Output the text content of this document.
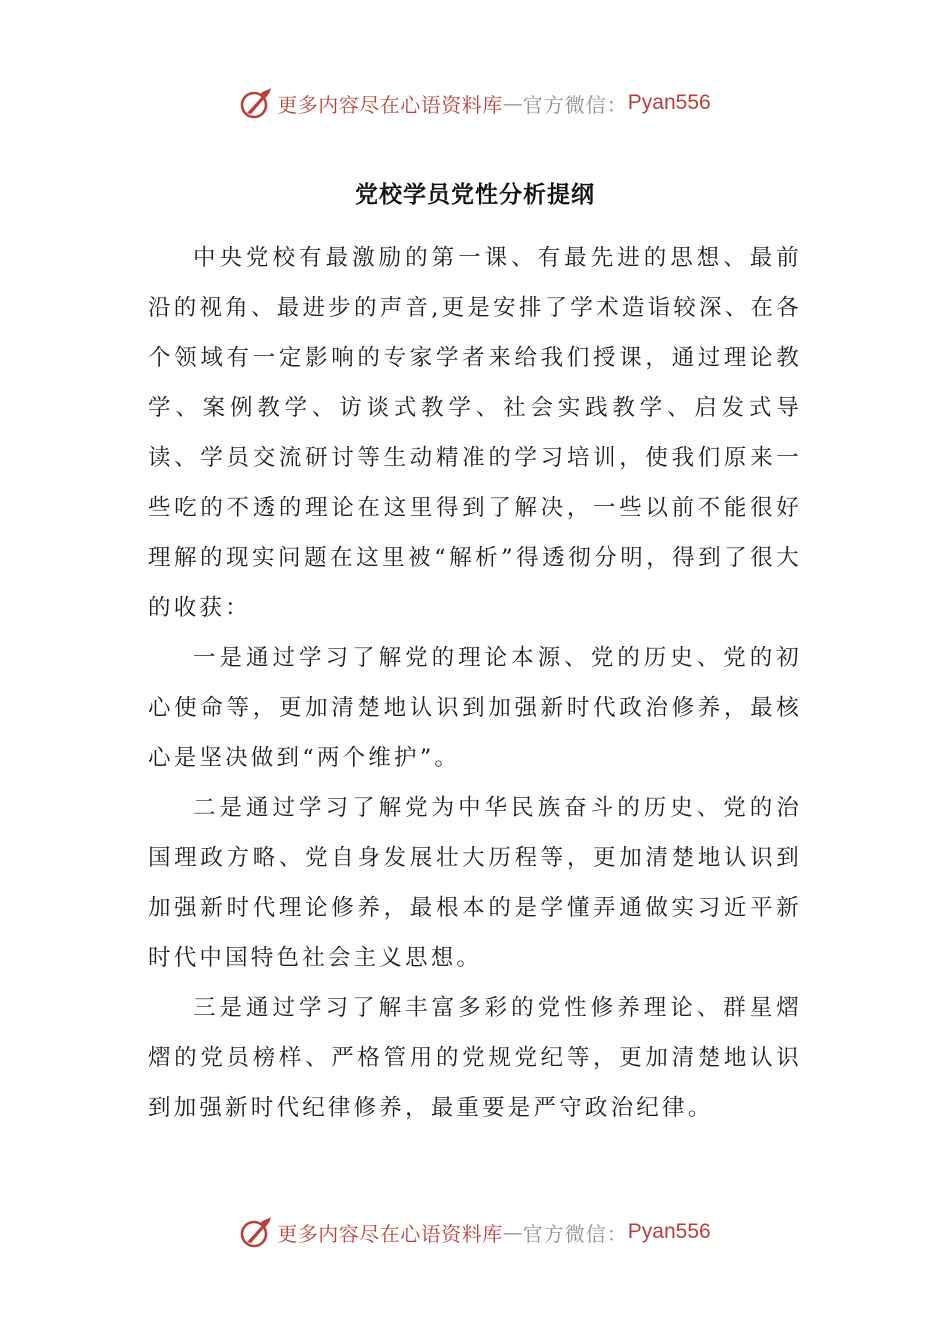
更多内容尽在心语资料库 — 官方微信： Pyan556
党校学员党性分析提纲

中央党校有最激励的第一课、有最先进的思想、最前沿的视角、最进步的声音,更是安排了学术造诣较深、在各个领域有一定影响的专家学者来给我们授课，通过理论教学、案例教学、访谈式教学、社会实践教学、启发式导读、学员交流研讨等生动精准的学习培训，使我们原来一些吃的不透的理论在这里得到了解决，一些以前不能很好理解的现实问题在这里被“解析”得透彻分明，得到了很大的收获：

一是通过学习了解党的理论本源、党的历史、党的初心使命等，更加清楚地认识到加强新时代政治修养，最核心是坚决做到“两个维护”。

二是通过学习了解党为中华民族奋斗的历史、党的治国理政方略、党自身发展壮大历程等，更加清楚地认识到加强新时代理论修养，最根本的是学懂弄通做实习近平新时代中国特色社会主义思想。

三是通过学习了解丰富多彩的党性修养理论、群星熠熠的党员榜样、严格管用的党规党纪等，更加清楚地认识到加强新时代纪律修养，最重要是严守政治纪律。

更多内容尽在心语资料库 — 官方微信： Pyan556
